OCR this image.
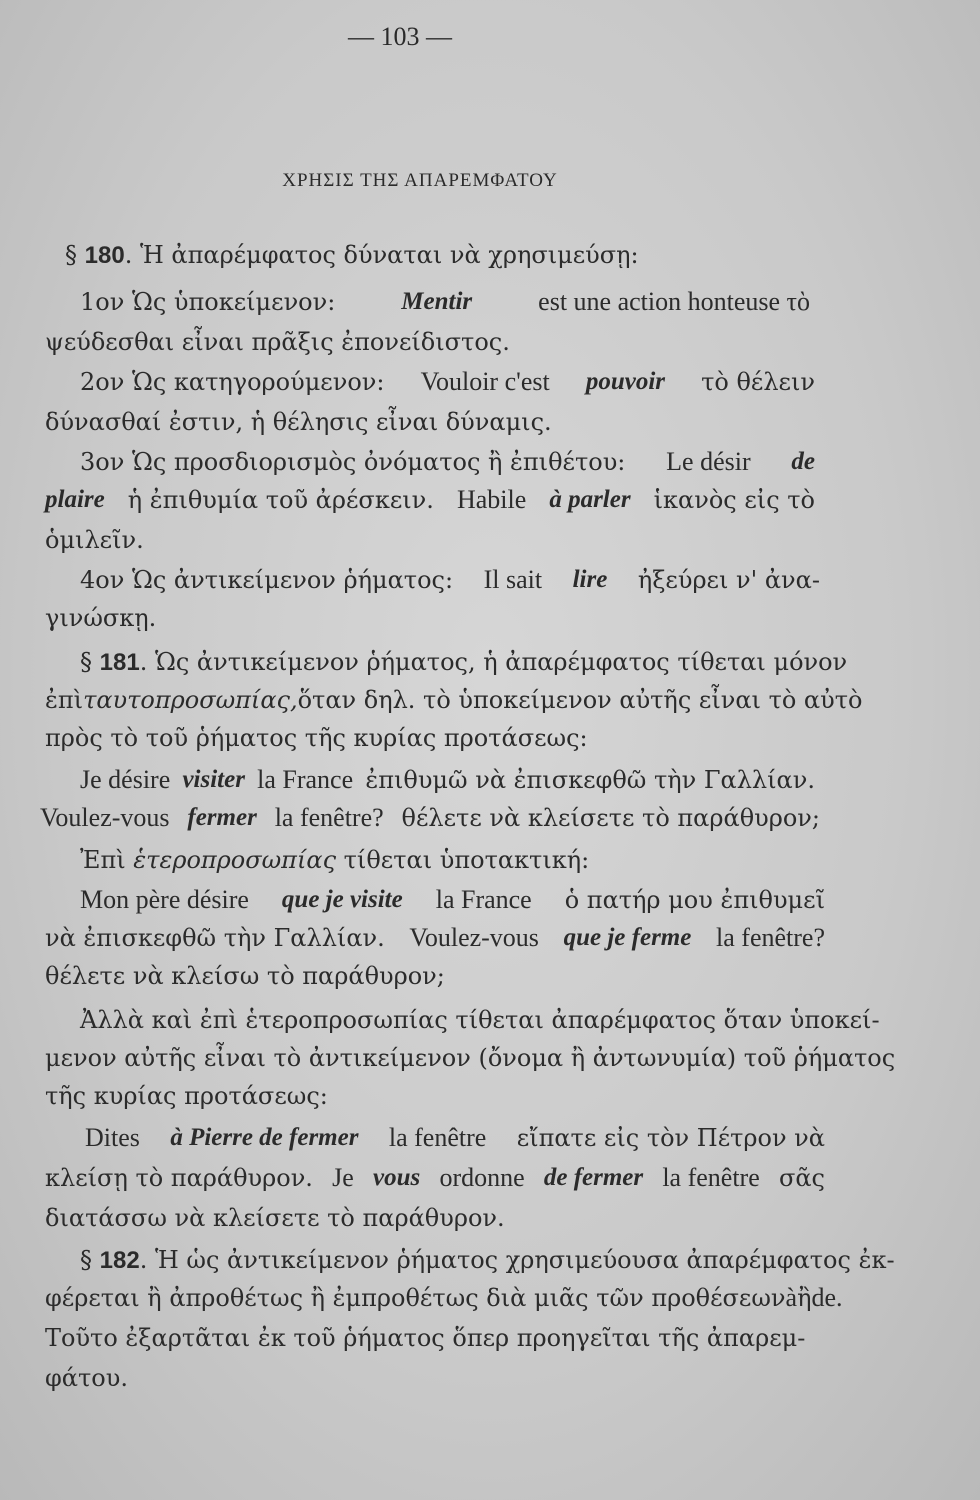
— 103 —
ΧΡΗΣΙΣ ΤΗΣ ΑΠΑΡΕΜΦΑΤΟΥ
§ 180. Ἡ ἀπαρέμφατος δύναται νὰ χρησιμεύσῃ:
1ον Ὡς ὑποκείμενον:	Mentir	est une action honteuse τὸ
ψεύδεσθαι εἶναι πρᾶξις ἐπονείδιστος.
2ον Ὡς κατηγορούμενον: Vouloir c'est pouvoir τὸ θέλειν
δύνασθαί ἐστιν, ἡ θέλησις εἶναι δύναμις.
3ον Ὡς προσδιορισμὸς ὀνόματος ἢ ἐπιθέτου: Le désir de
plaire ἡ ἐπιθυμία τοῦ ἀρέσκειν. Habile à parler ἱκανὸς εἰς τὸ
ὁμιλεῖν.
4ον Ὡς ἀντικείμενον ῥήματος: Il sait lire ἠξεύρει ν' ἀνα-
γινώσκῃ.
§ 181. Ὡς ἀντικείμενον ῥήματος, ἡ ἀπαρέμφατος τίθεται μόνον
ἐπὶ ταυτοπροσωπίας, ὅταν δηλ. τὸ ὑποκείμενον αὐτῆς εἶναι τὸ αὐτὸ
πρὸς τὸ τοῦ ῥήματος τῆς κυρίας προτάσεως:
Je désire visiter la France ἐπιθυμῶ νὰ ἐπισκεφθῶ τὴν Γαλλίαν.
Voulez-vous fermer la fenêtre? θέλετε νὰ κλείσετε τὸ παράθυρον;
Ἐπὶ ἑτεροπροσωπίας τίθεται ὑποτακτική:
Mon père désire que je visite la France ὁ πατήρ μου ἐπιθυμεῖ
νὰ ἐπισκεφθῶ τὴν Γαλλίαν. Voulez-vous que je ferme la fenêtre?
θέλετε νὰ κλείσω τὸ παράθυρον;
Ἀλλὰ καὶ ἐπὶ ἑτεροπροσωπίας τίθεται ἀπαρέμφατος ὅταν ὑποκεί-
μενον αὐτῆς εἶναι τὸ ἀντικείμενον (ὄνομα ἢ ἀντωνυμία) τοῦ ῥήματος
τῆς κυρίας προτάσεως:
Dites à Pierre de fermer la fenêtre εἴπατε εἰς τὸν Πέτρον νὰ
κλείσῃ τὸ παράθυρον. Je vous ordonne de fermer la fenêtre σᾶς
διατάσσω νὰ κλείσετε τὸ παράθυρον.
§ 182. Ἡ ὡς ἀντικείμενον ῥήματος χρησιμεύουσα ἀπαρέμφατος ἐκ-
φέρεται ἢ ἀπροθέτως ἢ ἐμπροθέτως διὰ μιᾶς τῶν προθέσεων à ἢ de.
Τοῦτο ἐξαρτᾶται ἐκ τοῦ ῥήματος ὅπερ προηγεῖται τῆς ἀπαρεμ-
φάτου.
